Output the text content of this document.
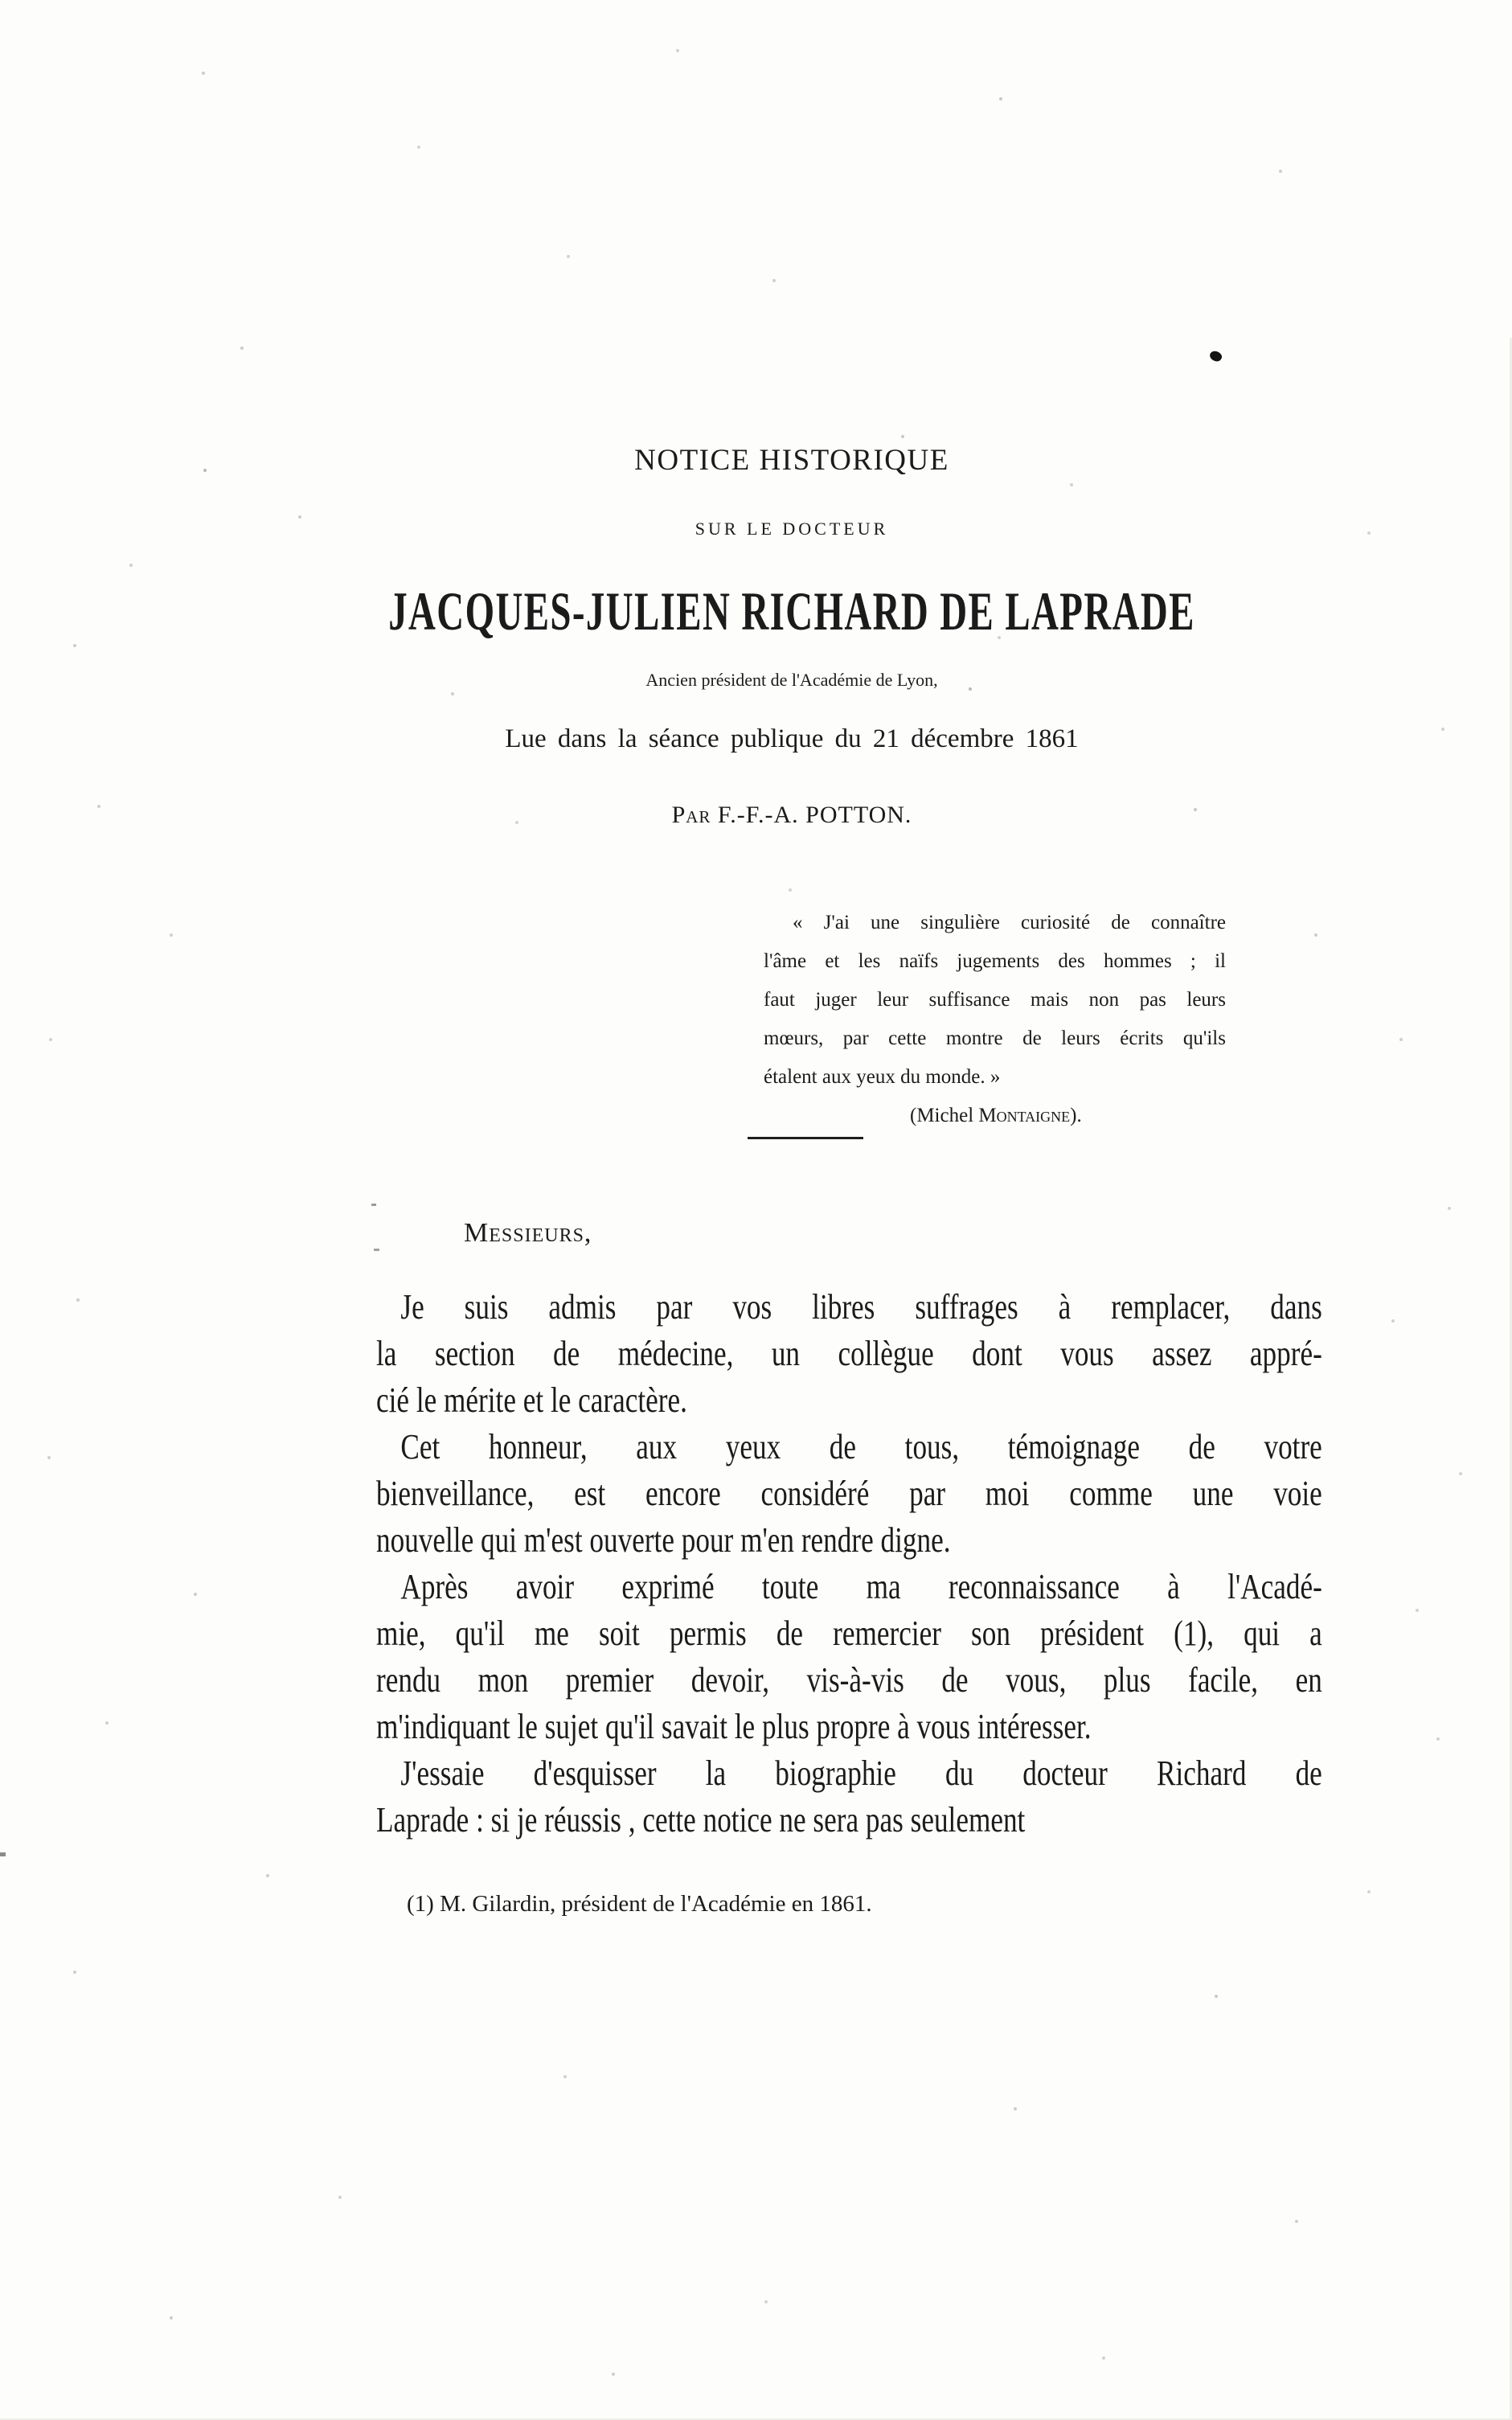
NOTICE HISTORIQUE
SUR LE DOCTEUR
JACQUES-JULIEN RICHARD DE LAPRADE
Ancien président de l'Académie de Lyon,
Lue dans la séance publique du 21 décembre 1861
Par F.-F.-A. POTTON.
« J'ai une singulière curiosité de connaître
l'âme et les naïfs jugements des hommes ; il
faut juger leur suffisance mais non pas leurs
mœurs, par cette montre de leurs écrits qu'ils
étalent aux yeux du monde. »
(Michel Montaigne).
Messieurs,
Je suis admis par vos libres suffrages à remplacer, dans
la section de médecine, un collègue dont vous assez appré-
cié le mérite et le caractère.
Cet honneur, aux yeux de tous, témoignage de votre
bienveillance, est encore considéré par moi comme une voie
nouvelle qui m'est ouverte pour m'en rendre digne.
Après avoir exprimé toute ma reconnaissance à l'Acadé-
mie, qu'il me soit permis de remercier son président (1), qui a
rendu mon premier devoir, vis-à-vis de vous, plus facile, en
m'indiquant le sujet qu'il savait le plus propre à vous intéresser.
J'essaie d'esquisser la biographie du docteur Richard de
Laprade : si je réussis , cette notice ne sera pas seulement
(1) M. Gilardin, président de l'Académie en 1861.
